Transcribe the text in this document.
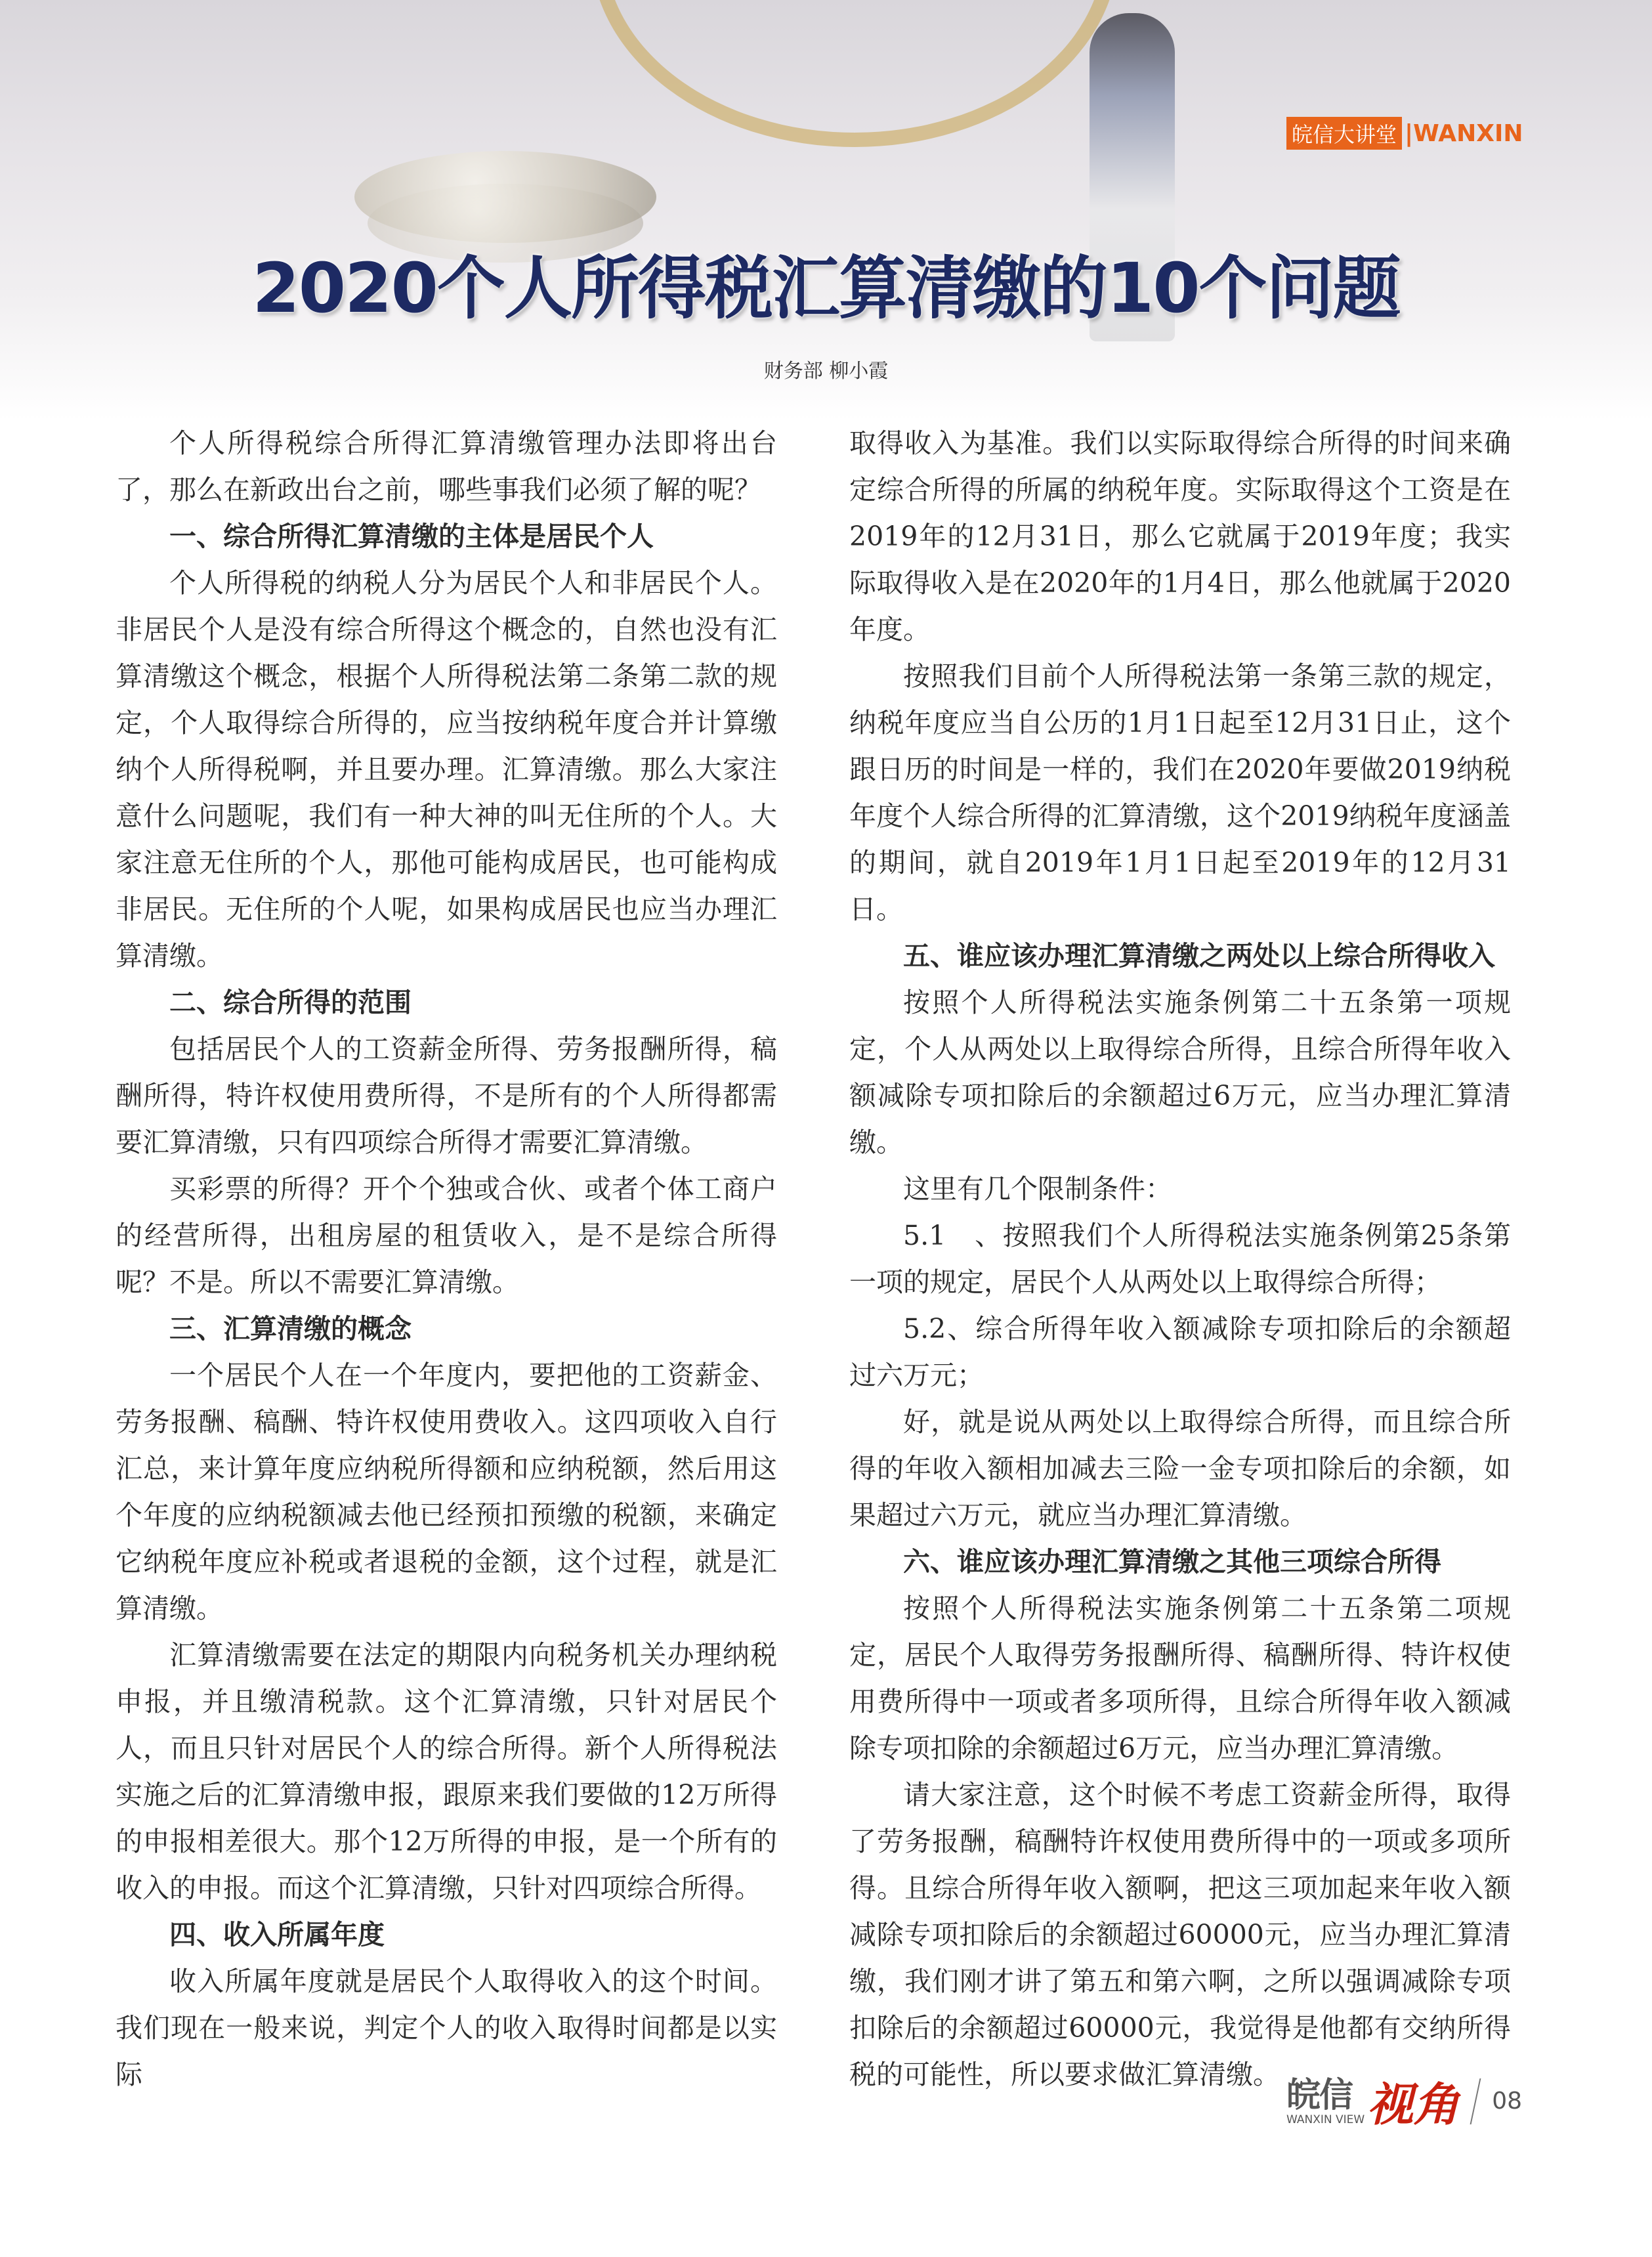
皖信大讲堂 |WANXIN
2020个人所得税汇算清缴的10个问题
财务部 柳小霞

个人所得税综合所得汇算清缴管理办法即将出台了，那么在新政出台之前，哪些事我们必须了解的呢？

一、综合所得汇算清缴的主体是居民个人

个人所得税的纳税人分为居民个人和非居民个人。非居民个人是没有综合所得这个概念的，自然也没有汇算清缴这个概念，根据个人所得税法第二条第二款的规定，个人取得综合所得的，应当按纳税年度合并计算缴纳个人所得税啊，并且要办理。汇算清缴。那么大家注意什么问题呢，我们有一种大神的叫无住所的个人。大家注意无住所的个人，那他可能构成居民，也可能构成非居民。无住所的个人呢，如果构成居民也应当办理汇算清缴。

二、综合所得的范围

包括居民个人的工资薪金所得、劳务报酬所得，稿酬所得，特许权使用费所得，不是所有的个人所得都需要汇算清缴，只有四项综合所得才需要汇算清缴。

买彩票的所得？开个个独或合伙、或者个体工商户的经营所得，出租房屋的租赁收入，是不是综合所得呢？不是。所以不需要汇算清缴。

三、汇算清缴的概念

一个居民个人在一个年度内，要把他的工资薪金、劳务报酬、稿酬、特许权使用费收入。这四项收入自行汇总，来计算年度应纳税所得额和应纳税额，然后用这个年度的应纳税额减去他已经预扣预缴的税额，来确定它纳税年度应补税或者退税的金额，这个过程，就是汇算清缴。

汇算清缴需要在法定的期限内向税务机关办理纳税申报，并且缴清税款。这个汇算清缴，只针对居民个人，而且只针对居民个人的综合所得。新个人所得税法实施之后的汇算清缴申报，跟原来我们要做的12万所得的申报相差很大。那个12万所得的申报，是一个所有的收入的申报。而这个汇算清缴，只针对四项综合所得。

四、收入所属年度

收入所属年度就是居民个人取得收入的这个时间。我们现在一般来说，判定个人的收入取得时间都是以实际

取得收入为基准。我们以实际取得综合所得的时间来确定综合所得的所属的纳税年度。实际取得这个工资是在2019年的12月31日，那么它就属于2019年度；我实际取得收入是在2020年的1月4日，那么他就属于2020年度。

按照我们目前个人所得税法第一条第三款的规定，纳税年度应当自公历的1月1日起至12月31日止，这个跟日历的时间是一样的，我们在2020年要做2019纳税年度个人综合所得的汇算清缴，这个2019纳税年度涵盖的期间，就自2019年1月1日起至2019年的12月31日。

五、谁应该办理汇算清缴之两处以上综合所得收入

按照个人所得税法实施条例第二十五条第一项规定，个人从两处以上取得综合所得，且综合所得年收入额减除专项扣除后的余额超过6万元，应当办理汇算清缴。

这里有几个限制条件：

5.1　、按照我们个人所得税法实施条例第25条第一项的规定，居民个人从两处以上取得综合所得；

5.2、综合所得年收入额减除专项扣除后的余额超过六万元；

好，就是说从两处以上取得综合所得，而且综合所得的年收入额相加减去三险一金专项扣除后的余额，如果超过六万元，就应当办理汇算清缴。

六、谁应该办理汇算清缴之其他三项综合所得

按照个人所得税法实施条例第二十五条第二项规定，居民个人取得劳务报酬所得、稿酬所得、特许权使用费所得中一项或者多项所得，且综合所得年收入额减除专项扣除的余额超过6万元，应当办理汇算清缴。

请大家注意，这个时候不考虑工资薪金所得，取得了劳务报酬，稿酬特许权使用费所得中的一项或多项所得。且综合所得年收入额啊，把这三项加起来年收入额减除专项扣除后的余额超过60000元，应当办理汇算清缴，我们刚才讲了第五和第六啊，之所以强调减除专项扣除后的余额超过60000元，我觉得是他都有交纳所得税的可能性，所以要求做汇算清缴。

皖信
WANXIN VIEW 视角 08
